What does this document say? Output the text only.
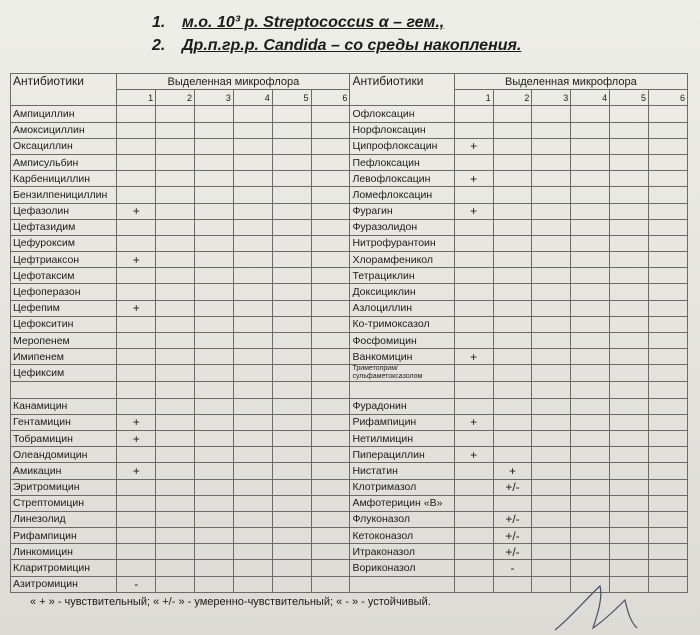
1. м.о. 10³ р. Streptococcus α – гем.,
2. Др.п.гр.р. Candida – со среды накопления.
Антибиотики	Выделенная микрофлора						Антибиотики	Выделенная микрофлора					
	1	2	3	4	5	6		1	2	3	4	5	6
Ампициллин							Офлоксацин						
Амоксициллин							Норфлоксацин						
Оксациллин							Ципрофлоксацин	+					
Амписульбин							Пефлоксацин						
Карбенициллин							Левофлоксацин	+					
Бензилпенициллин							Ломефлоксацин						
Цефазолин	+						Фурагин	+					
Цефтазидим							Фуразолидон						
Цефуроксим							Нитрофурантоин						
Цефтриаксон	+						Хлорамфеникол						
Цефотаксим							Тетрациклин						
Цефоперазон							Доксициклин						
Цефепим	+						Азлоциллин						
Цефокситин							Ко-тримоксазол						
Меропенем							Фосфомицин						
Имипенем							Ванкомицин	+					
Цефиксим							Триметоприм/сульфаметоксазолом						

Канамицин							Фурадонин						
Гентамицин	+						Рифампицин	+					
Тобрамицин	+						Нетилмицин						
Олеандомицин							Пиперациллин	+					
Амикацин	+						Нистатин		+				
Эритромицин							Клотримазол		+/-				
Стрептомицин							Амфотерицин «В»						
Линезолид							Флуконазол		+/-				
Рифампицин							Кетоконазол		+/-				
Линкомицин							Итраконазол		+/-				
Кларитромицин							Вориконазол		-				
Азитромицин	-												
« + » - чувствительный; « +/- » - умеренно-чувствительный; « - » - устойчивый.
